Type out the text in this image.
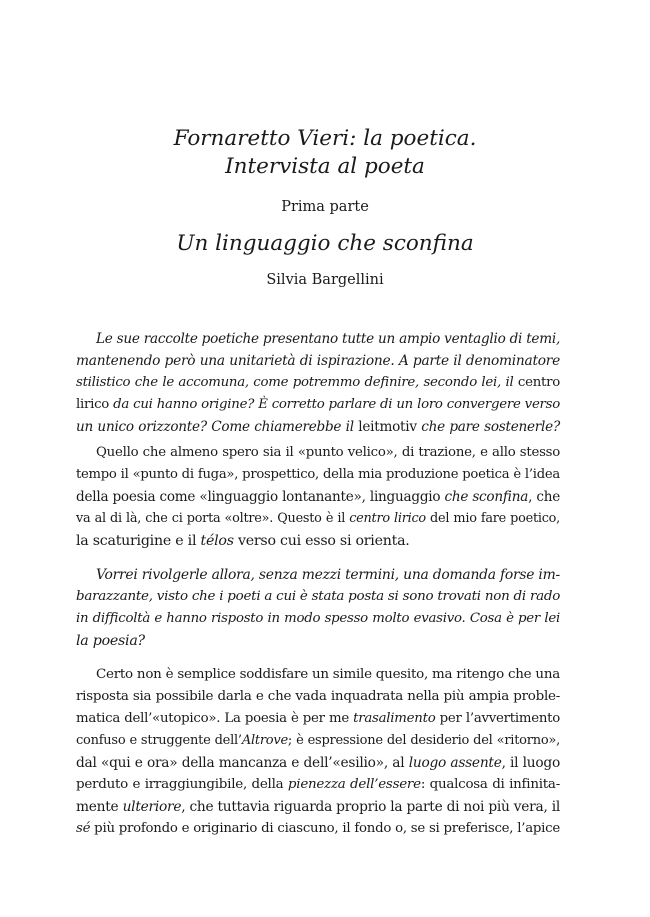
Fornaretto Vieri: la poetica.
Intervista al poeta
Prima parte
Un linguaggio che sconfina
Silvia Bargellini
Le sue raccolte poetiche presentano tutte un ampio ventaglio di temi,
mantenendo però una unitarietà di ispirazione. A parte il denominatore
stilistico che le accomuna, come potremmo definire, secondo lei, il centro
lirico da cui hanno origine? È corretto parlare di un loro convergere verso
un unico orizzonte? Come chiamerebbe il leitmotiv che pare sostenerle?
Quello che almeno spero sia il «punto velico», di trazione, e allo stesso
tempo il «punto di fuga», prospettico, della mia produzione poetica è l’idea
della poesia come «linguaggio lontanante», linguaggio che sconfina, che
va al di là, che ci porta «oltre». Questo è il centro lirico del mio fare poetico,
la scaturigine e il télos verso cui esso si orienta.
Vorrei rivolgerle allora, senza mezzi termini, una domanda forse im-
barazzante, visto che i poeti a cui è stata posta si sono trovati non di rado
in difficoltà e hanno risposto in modo spesso molto evasivo. Cosa è per lei
la poesia?
Certo non è semplice soddisfare un simile quesito, ma ritengo che una
risposta sia possibile darla e che vada inquadrata nella più ampia proble-
matica dell’«utopico». La poesia è per me trasalimento per l’avvertimento
confuso e struggente dell’Altrove; è espressione del desiderio del «ritorno»,
dal «qui e ora» della mancanza e dell’«esilio», al luogo assente, il luogo
perduto e irraggiungibile, della pienezza dell’essere: qualcosa di infinita-
mente ulteriore, che tuttavia riguarda proprio la parte di noi più vera, il
sé più profondo e originario di ciascuno, il fondo o, se si preferisce, l’apice
